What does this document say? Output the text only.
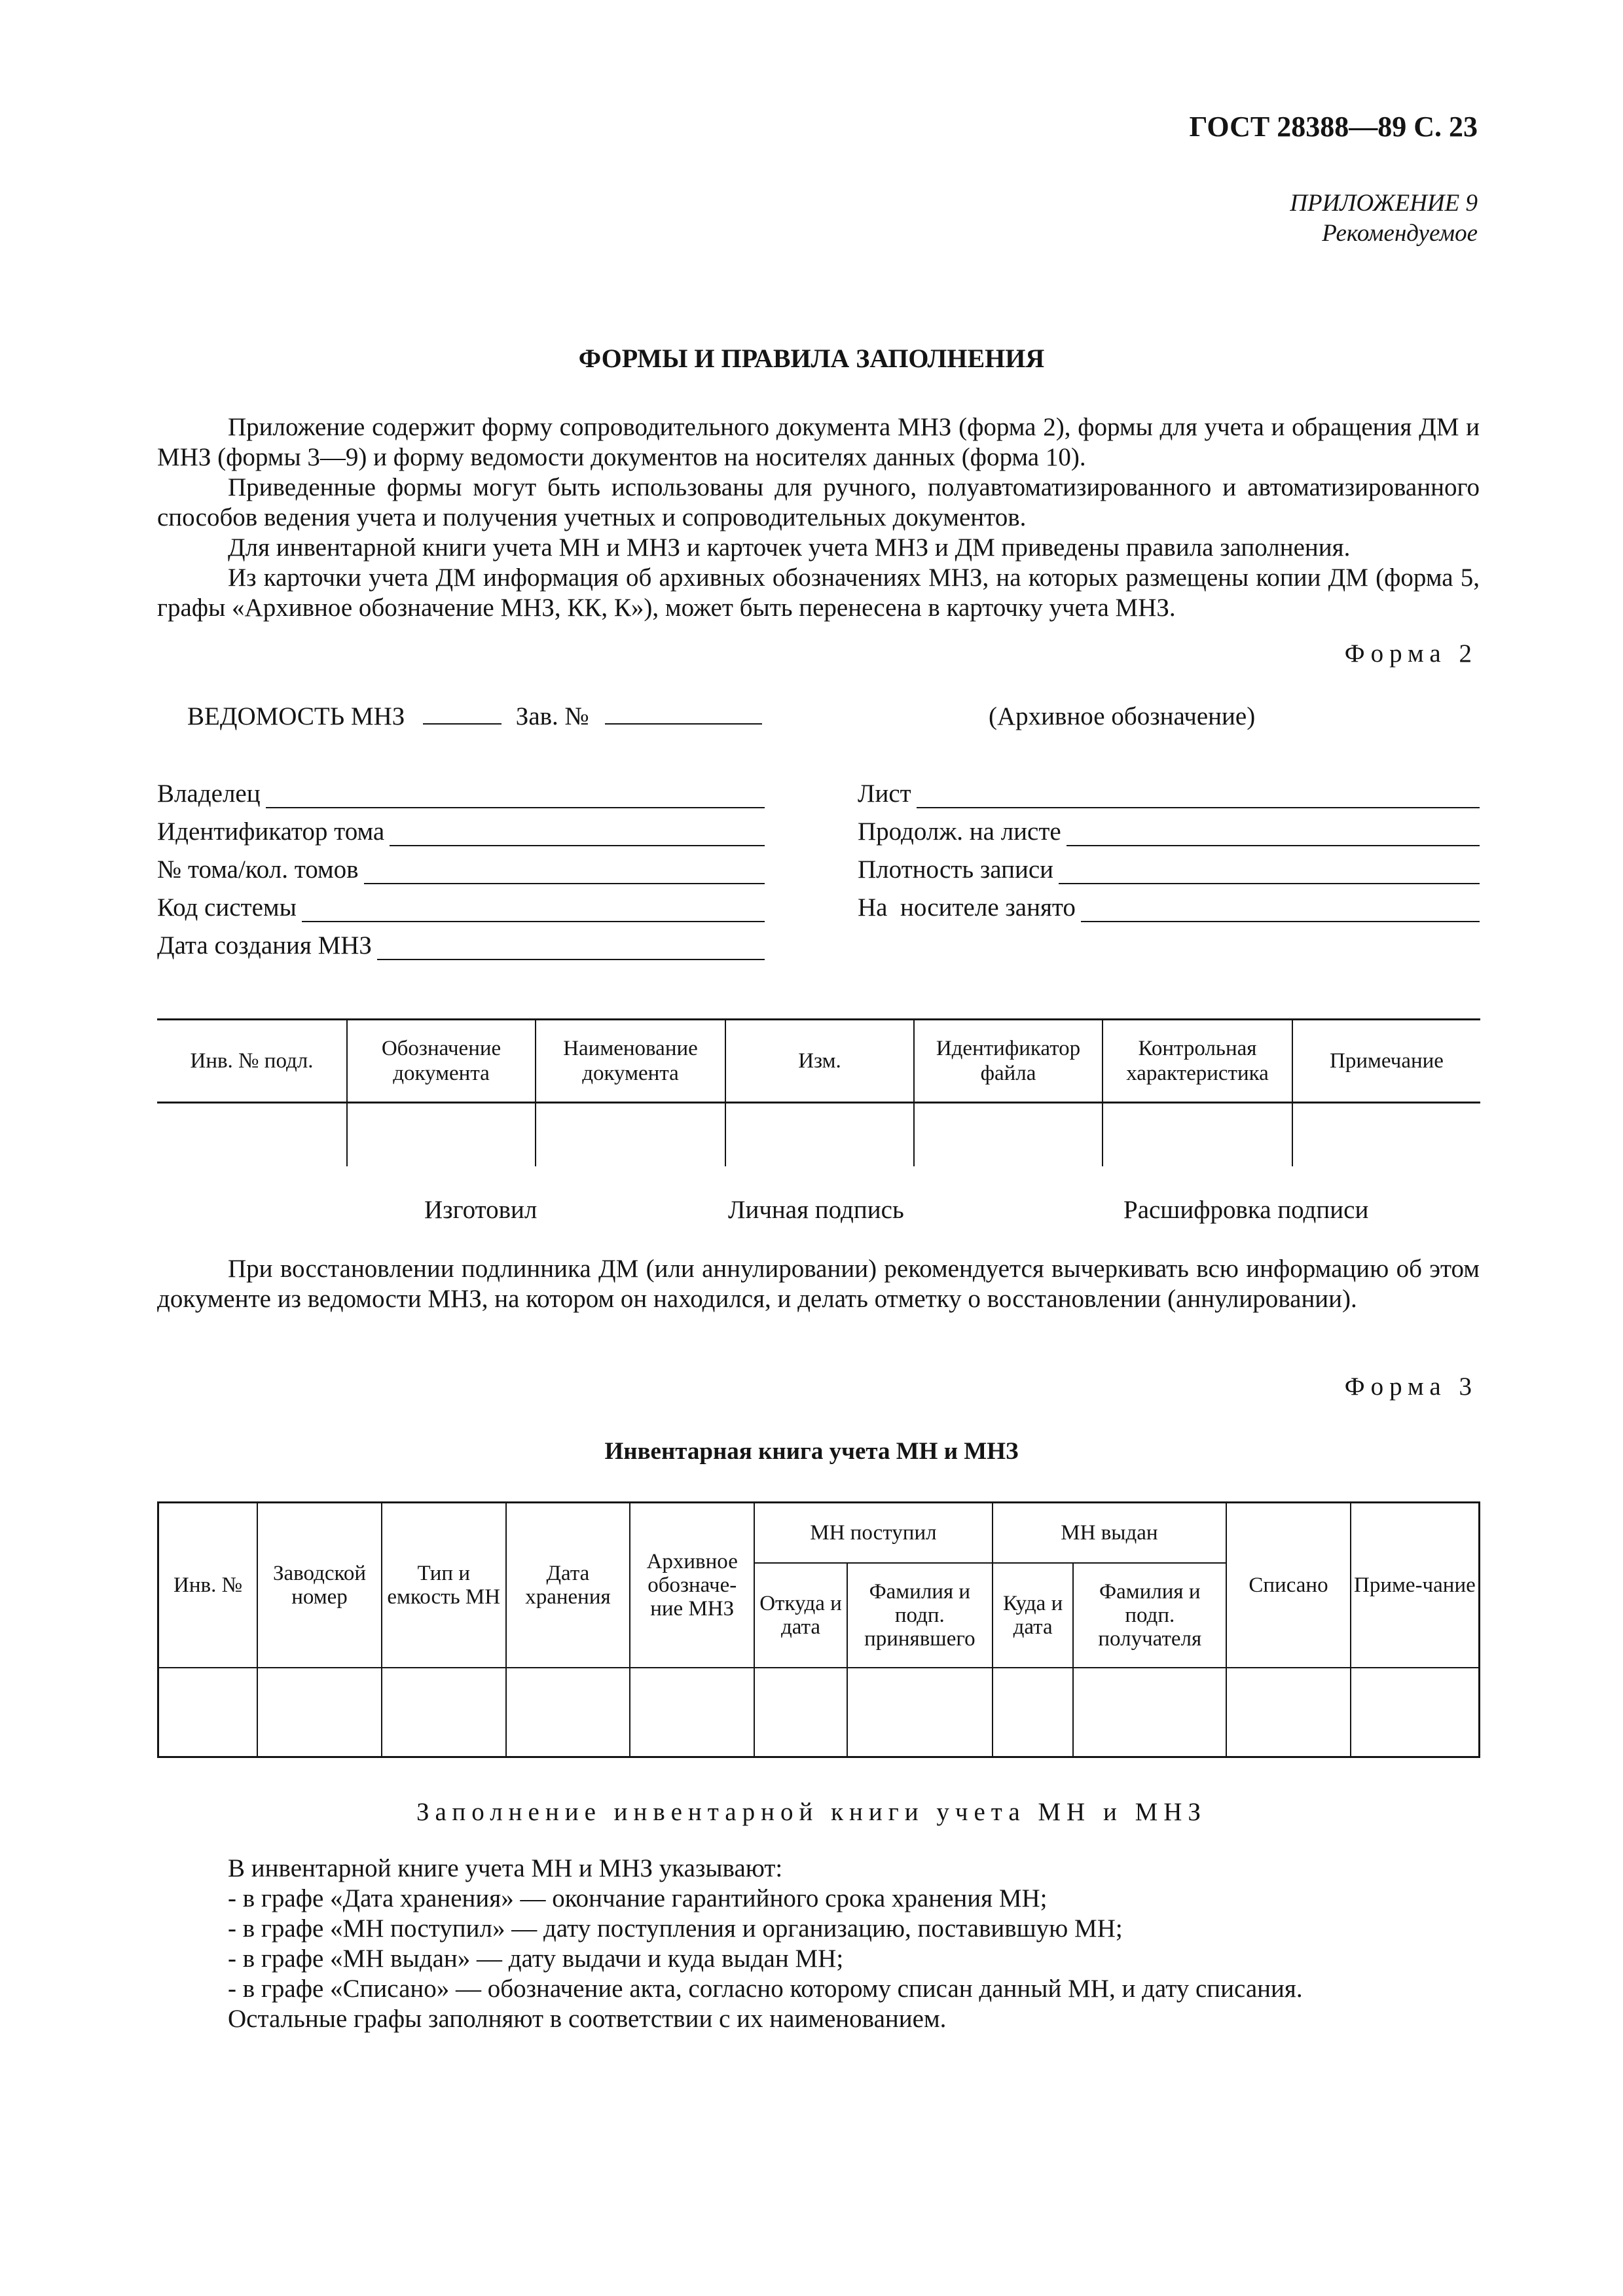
ГОСТ 28388—89 С. 23
ПРИЛОЖЕНИЕ 9
Рекомендуемое
ФОРМЫ И ПРАВИЛА ЗАПОЛНЕНИЯ

Приложение содержит форму сопроводительного документа МНЗ (форма 2), формы для учета и обращения ДМ и МНЗ (формы 3—9) и форму ведомости документов на носителях данных (форма 10).

Приведенные формы могут быть использованы для ручного, полуавтоматизированного и автоматизированного способов ведения учета и получения учетных и сопроводительных документов.

Для инвентарной книги учета МН и МНЗ и карточек учета МНЗ и ДМ приведены правила заполнения.

Из карточки учета ДМ информация об архивных обозначениях МНЗ, на которых размещены копии ДМ (форма 5, графы «Архивное обозначение МНЗ, КК, К»), может быть перенесена в карточку учета МНЗ.

Форма 2
ВЕДОМОСТЬ МНЗ	Зав. №	(Архивное обозначение)
Владелец
Идентификатор тома
№ тома/кол. томов
Код системы
Дата создания МНЗ
Лист
Продолж. на листе
Плотность записи
На  носителе занято
Инв. № подл.	Обозначение документа	Наименование документа	Изм.	Идентификатор файла	Контрольная характеристика	Примечание

Изготовил	Личная подпись	Расшифровка подписи

При восстановлении подлинника ДМ (или аннулировании) рекомендуется вычеркивать всю информацию об этом документе из ведомости МНЗ, на котором он находился, и делать отметку о восстановлении (аннулировании).

Форма 3
Инвентарная книга учета МН и МНЗ
Инв. №	Заводской номер	Тип и емкость МН	Дата хранения	Архивное обозначе-ние МНЗ	МН поступил		МН выдан		Списано	Приме-чание
					Откуда и дата	Фамилия и подп. принявшего	Куда и дата	Фамилия и подп. получателя		

Заполнение инвентарной книги учета МН и МНЗ

В инвентарной книге учета МН и МНЗ указывают:

- в графе «Дата хранения» — окончание гарантийного срока хранения МН;
- в графе «МН поступил» — дату поступления и организацию, поставившую МН;
- в графе «МН выдан» — дату выдачи и куда выдан МН;
- в графе «Списано» — обозначение акта, согласно которому списан данный МН, и дату списания.

Остальные графы заполняют в соответствии с их наименованием.
